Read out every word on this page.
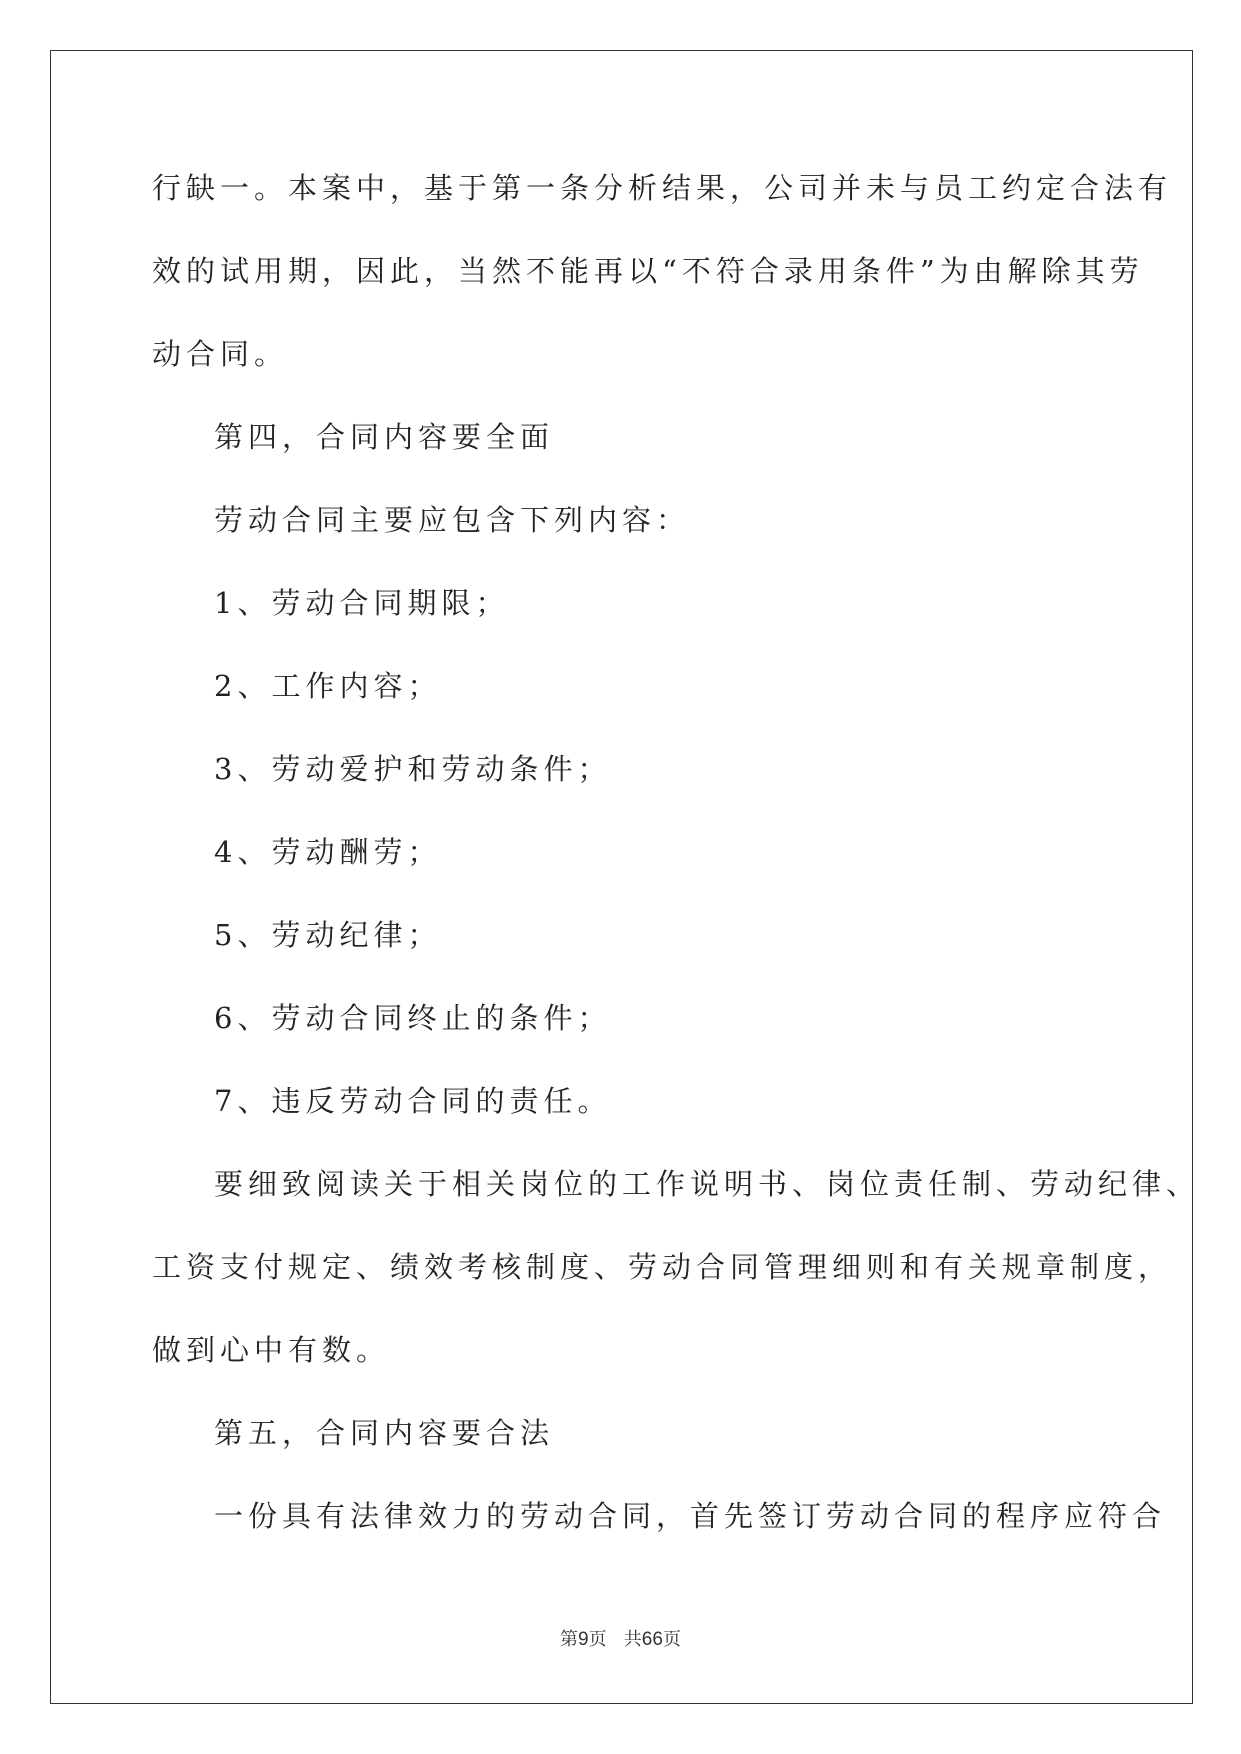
行缺一。本案中，基于第一条分析结果，公司并未与员工约定合法有

效的试用期，因此，当然不能再以“不符合录用条件”为由解除其劳

动合同。

第四，合同内容要全面

劳动合同主要应包含下列内容：

1、劳动合同期限；

2、工作内容；

3、劳动爱护和劳动条件；

4、劳动酬劳；

5、劳动纪律；

6、劳动合同终止的条件；

7、违反劳动合同的责任。

要细致阅读关于相关岗位的工作说明书、岗位责任制、劳动纪律、

工资支付规定、绩效考核制度、劳动合同管理细则和有关规章制度，

做到心中有数。

第五，合同内容要合法

一份具有法律效力的劳动合同，首先签订劳动合同的程序应符合

第9页 共66页
